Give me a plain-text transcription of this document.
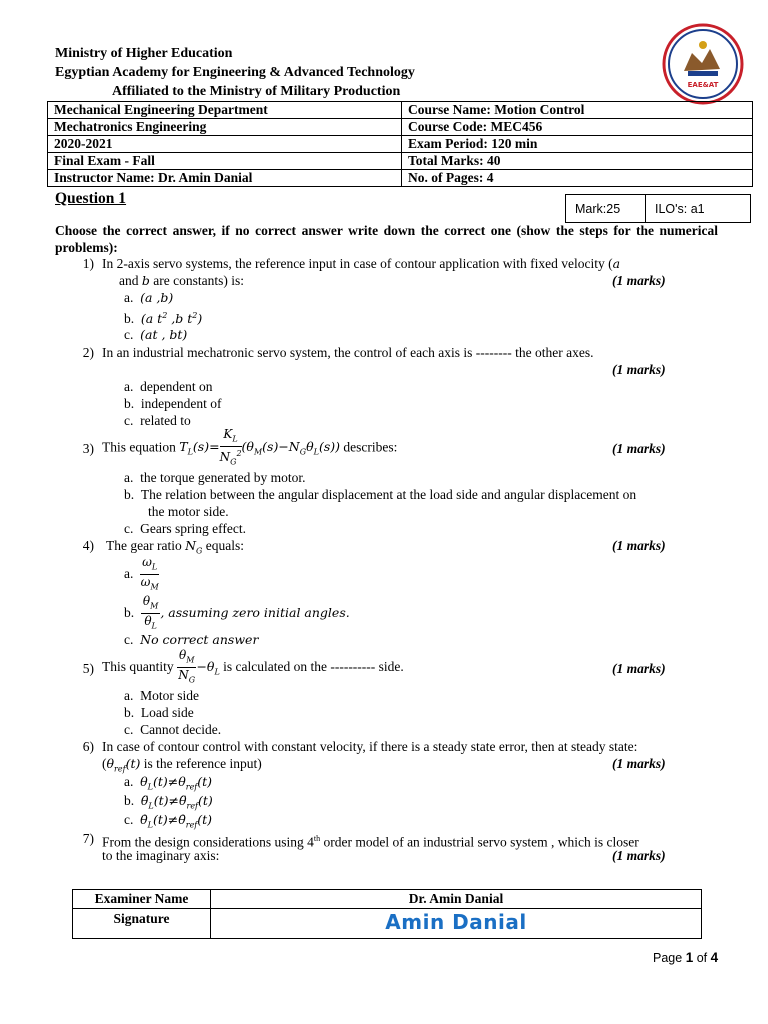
Ministry of Higher Education
Egyptian Academy for Engineering & Advanced Technology
Affiliated to the Ministry of Military Production	EAE&AT
Mechanical Engineering Department	Course Name: Motion Control
Mechatronics Engineering	Course Code: MEC456
2020-2021	Exam Period: 120 min
Final Exam - Fall	Total Marks: 40
Instructor Name: Dr. Amin Danial	No. of Pages: 4
Question 1
Mark:25	ILO's: a1
Choose the correct answer, if no correct answer write down the correct one (show the steps for the numerical problems):
1) In 2-axis servo systems, the reference input in case of contour application with fixed velocity (a
and b are constants) is:	(1 marks)
a. (a ,b)
b. (a $t^2$ ,b $t^2$)
c. (at , bt)
2) In an industrial mechatronic servo system, the control of each axis is -------- the other axes.
(1 marks)
a. dependent on
b. independent of
c. related to
3) This equation $T_L(s)= \frac{K_L}{N_G^2} (\theta_M(s)-N_G\theta_L(s))$ describes:	(1 marks)
a. the torque generated by motor.
b. The relation between the angular displacement at the load side and angular displacement on
the motor side.
c. Gears spring effect.
4) The gear ratio $N_G$ equals:	(1 marks)
a. $\frac{\omega_L}{\omega_M}$
b. $\frac{\theta_M}{\theta_L}$ , assuming zero initial angles.
c. No correct answer
5) This quantity $\frac{\theta_M}{N_G} -\theta_L$ is calculated on the ---------- side.	(1 marks)
a. Motor side
b. Load side
c. Cannot decide.
6) In case of contour control with constant velocity, if there is a steady state error, then at steady state:
($\theta_{ref}(t)$ is the reference input)	(1 marks)
a. $\theta_L(t)\ne\theta_{ref}(t)$
b. $\thetä_L(t)\ne\thetä_{ref}(t)$
c. $\thetȧ_L(t)\ne\thetȧ_{ref}(t)$
7) From the design considerations using 4th order model of an industrial servo system , which is closer
to the imaginary axis:	(1 marks)
Examiner Name	Dr. Amin Danial
Signature	Amin Danial
Page 1 of 4
